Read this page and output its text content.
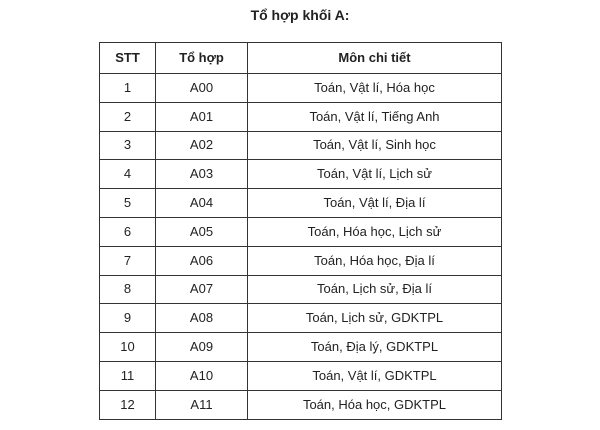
Tổ hợp khối A:
STT	Tổ hợp	Môn chi tiết
1	A00	Toán, Vật lí, Hóa học
2	A01	Toán, Vật lí, Tiếng Anh
3	A02	Toán, Vật lí, Sinh học
4	A03	Toán, Vật lí, Lịch sử
5	A04	Toán, Vật lí, Địa lí
6	A05	Toán, Hóa học, Lịch sử
7	A06	Toán, Hóa học, Địa lí
8	A07	Toán, Lịch sử, Địa lí
9	A08	Toán, Lịch sử, GDKTPL
10	A09	Toán, Địa lý, GDKTPL
11	A10	Toán, Vật lí, GDKTPL
12	A11	Toán, Hóa học, GDKTPL
